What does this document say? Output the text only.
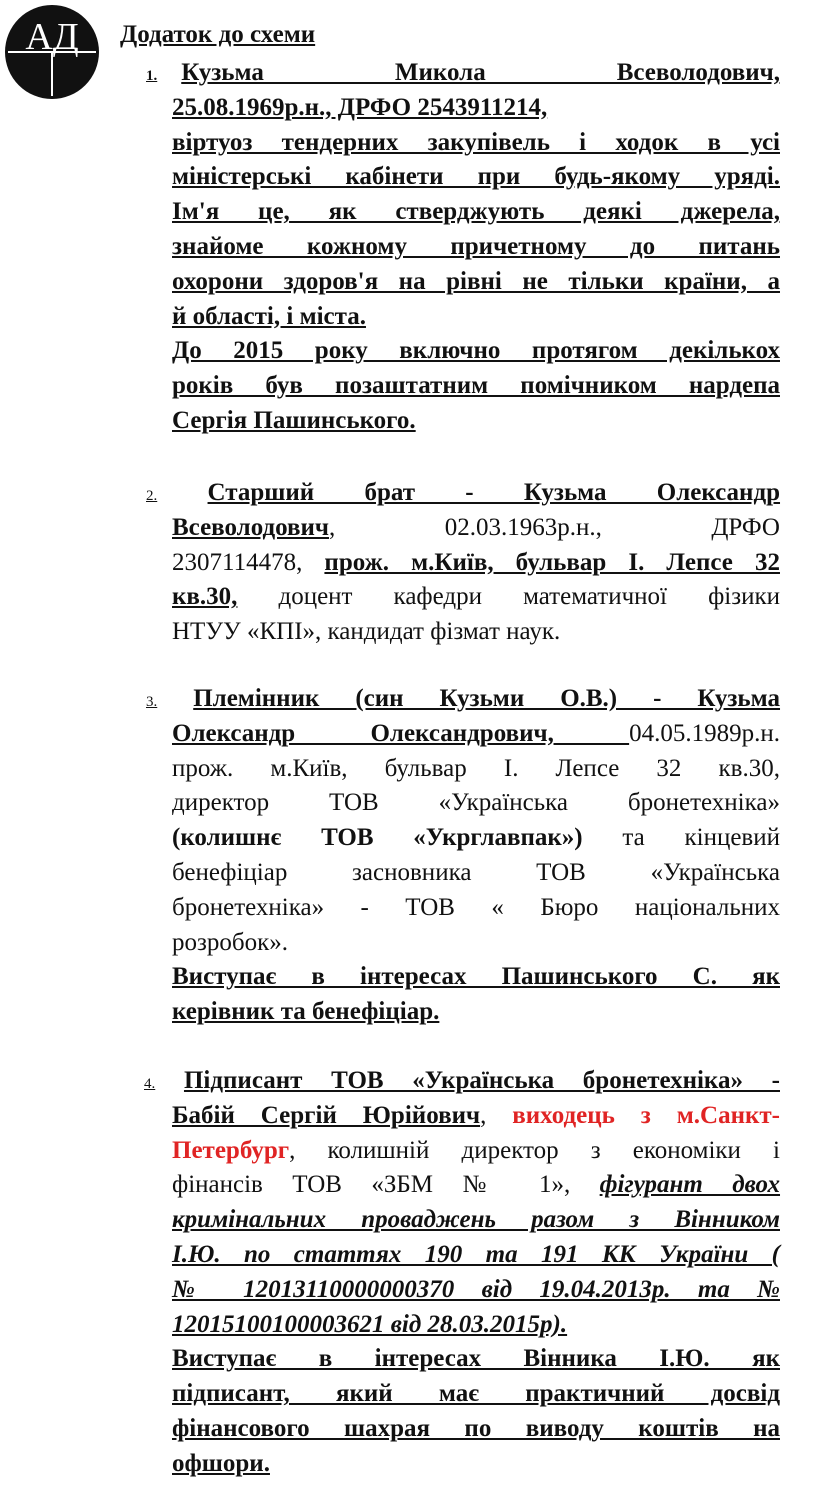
АД Додаток до схеми
1. Кузьма Микола Всеволодович,
25.08.1969р.н., ДРФО 2543911214,
віртуоз тендерних закупівель і ходок в усі
міністерські кабінети при будь-якому уряді.
Ім'я це, як стверджують деякі джерела,
знайоме кожному причетному до питань
охорони здоров'я на рівні не тільки країни, а
й області, і міста.
До 2015 року включно протягом декількох
років був позаштатним помічником нардепа
Сергія Пашинського.
2. Старший брат - Кузьма Олександр
Всеволодович, 02.03.1963р.н., ДРФО
2307114478, прож. м.Київ, бульвар І. Лепсе 32
кв.30, доцент кафедри математичної фізики
НТУУ «КПІ», кандидат фізмат наук.
3. Племінник (син Кузьми О.В.) - Кузьма
Олександр Олександрович, 04.05.1989р.н.
прож. м.Київ, бульвар І. Лепсе 32 кв.30,
директор ТОВ «Українська бронетехніка»
(колишнє ТОВ «Укрглавпак») та кінцевий
бенефіціар засновника ТОВ «Українська
бронетехніка» - ТОВ « Бюро національних
розробок».
Виступає в інтересах Пашинського С. як
керівник та бенефіціар.
4. Підписант ТОВ «Українська бронетехніка» -
Бабій Сергій Юрійович, виходець з м.Санкт-
Петербург, колишній директор з економіки і
фінансів ТОВ «ЗБМ № 1», фігурант двох
кримінальних проваджень разом з Вінником
І.Ю. по статтях 190 та 191 КК України (
№ 12013110000000370 від 19.04.2013р. та №
12015100100003621 від 28.03.2015р).
Виступає в інтересах Вінника І.Ю. як
підписант, який має практичний досвід
фінансового шахрая по виводу коштів на
офшори.
